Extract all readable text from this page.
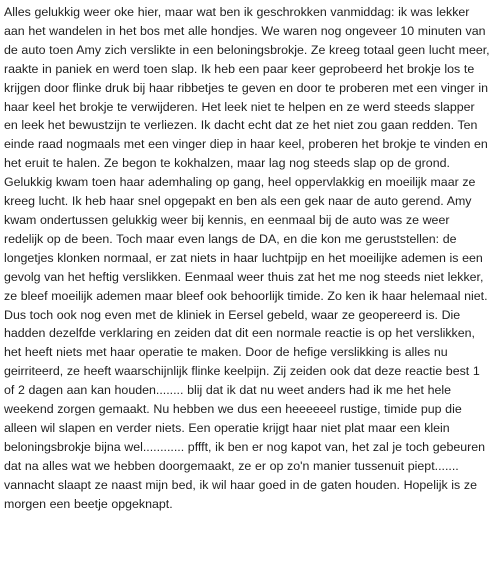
Alles gelukkig weer oke hier, maar wat ben ik geschrokken vanmiddag: ik was lekker aan het wandelen in het bos met alle hondjes. We waren nog ongeveer 10 minuten van de auto toen Amy zich verslikte in een beloningsbrokje. Ze kreeg totaal geen lucht meer, raakte in paniek en werd toen slap. Ik heb een paar keer geprobeerd het brokje los te krijgen door flinke druk bij haar ribbetjes te geven en door te proberen met een vinger in haar keel het brokje te verwijderen. Het leek niet te helpen en ze werd steeds slapper en leek het bewustzijn te verliezen. Ik dacht echt dat ze het niet zou gaan redden. Ten einde raad nogmaals met een vinger diep in haar keel, proberen het brokje te vinden en het eruit te halen. Ze begon te kokhalzen, maar lag nog steeds slap op de grond. Gelukkig kwam toen haar ademhaling op gang, heel oppervlakkig en moeilijk maar ze kreeg lucht. Ik heb haar snel opgepakt en ben als een gek naar de auto gerend. Amy kwam ondertussen gelukkig weer bij kennis, en eenmaal bij de auto was ze weer redelijk op de been. Toch maar even langs de DA, en die kon me geruststellen: de longetjes klonken normaal, er zat niets in haar luchtpijp en het moeilijke ademen is een gevolg van het heftig verslikken. Eenmaal weer thuis zat het me nog steeds niet lekker, ze bleef moeilijk ademen maar bleef ook behoorlijk timide. Zo ken ik haar helemaal niet. Dus toch ook nog even met de kliniek in Eersel gebeld, waar ze geopereerd is. Die hadden dezelfde verklaring en zeiden dat dit een normale reactie is op het verslikken, het heeft niets met haar operatie te maken. Door de hefige verslikking is alles nu geirriteerd, ze heeft waarschijnlijk flinke keelpijn. Zij zeiden ook dat deze reactie best 1 of 2 dagen aan kan houden........ blij dat ik dat nu weet anders had ik me het hele weekend zorgen gemaakt. Nu hebben we dus een heeeeeel rustige, timide pup die alleen wil slapen en verder niets. Een operatie krijgt haar niet plat maar een klein beloningsbrokje bijna wel............ pffft, ik ben er nog kapot van, het zal je toch gebeuren dat na alles wat we hebben doorgemaakt, ze er op zo'n manier tussenuit piept....... vannacht slaapt ze naast mijn bed, ik wil haar goed in de gaten houden. Hopelijk is ze morgen een beetje opgeknapt.
